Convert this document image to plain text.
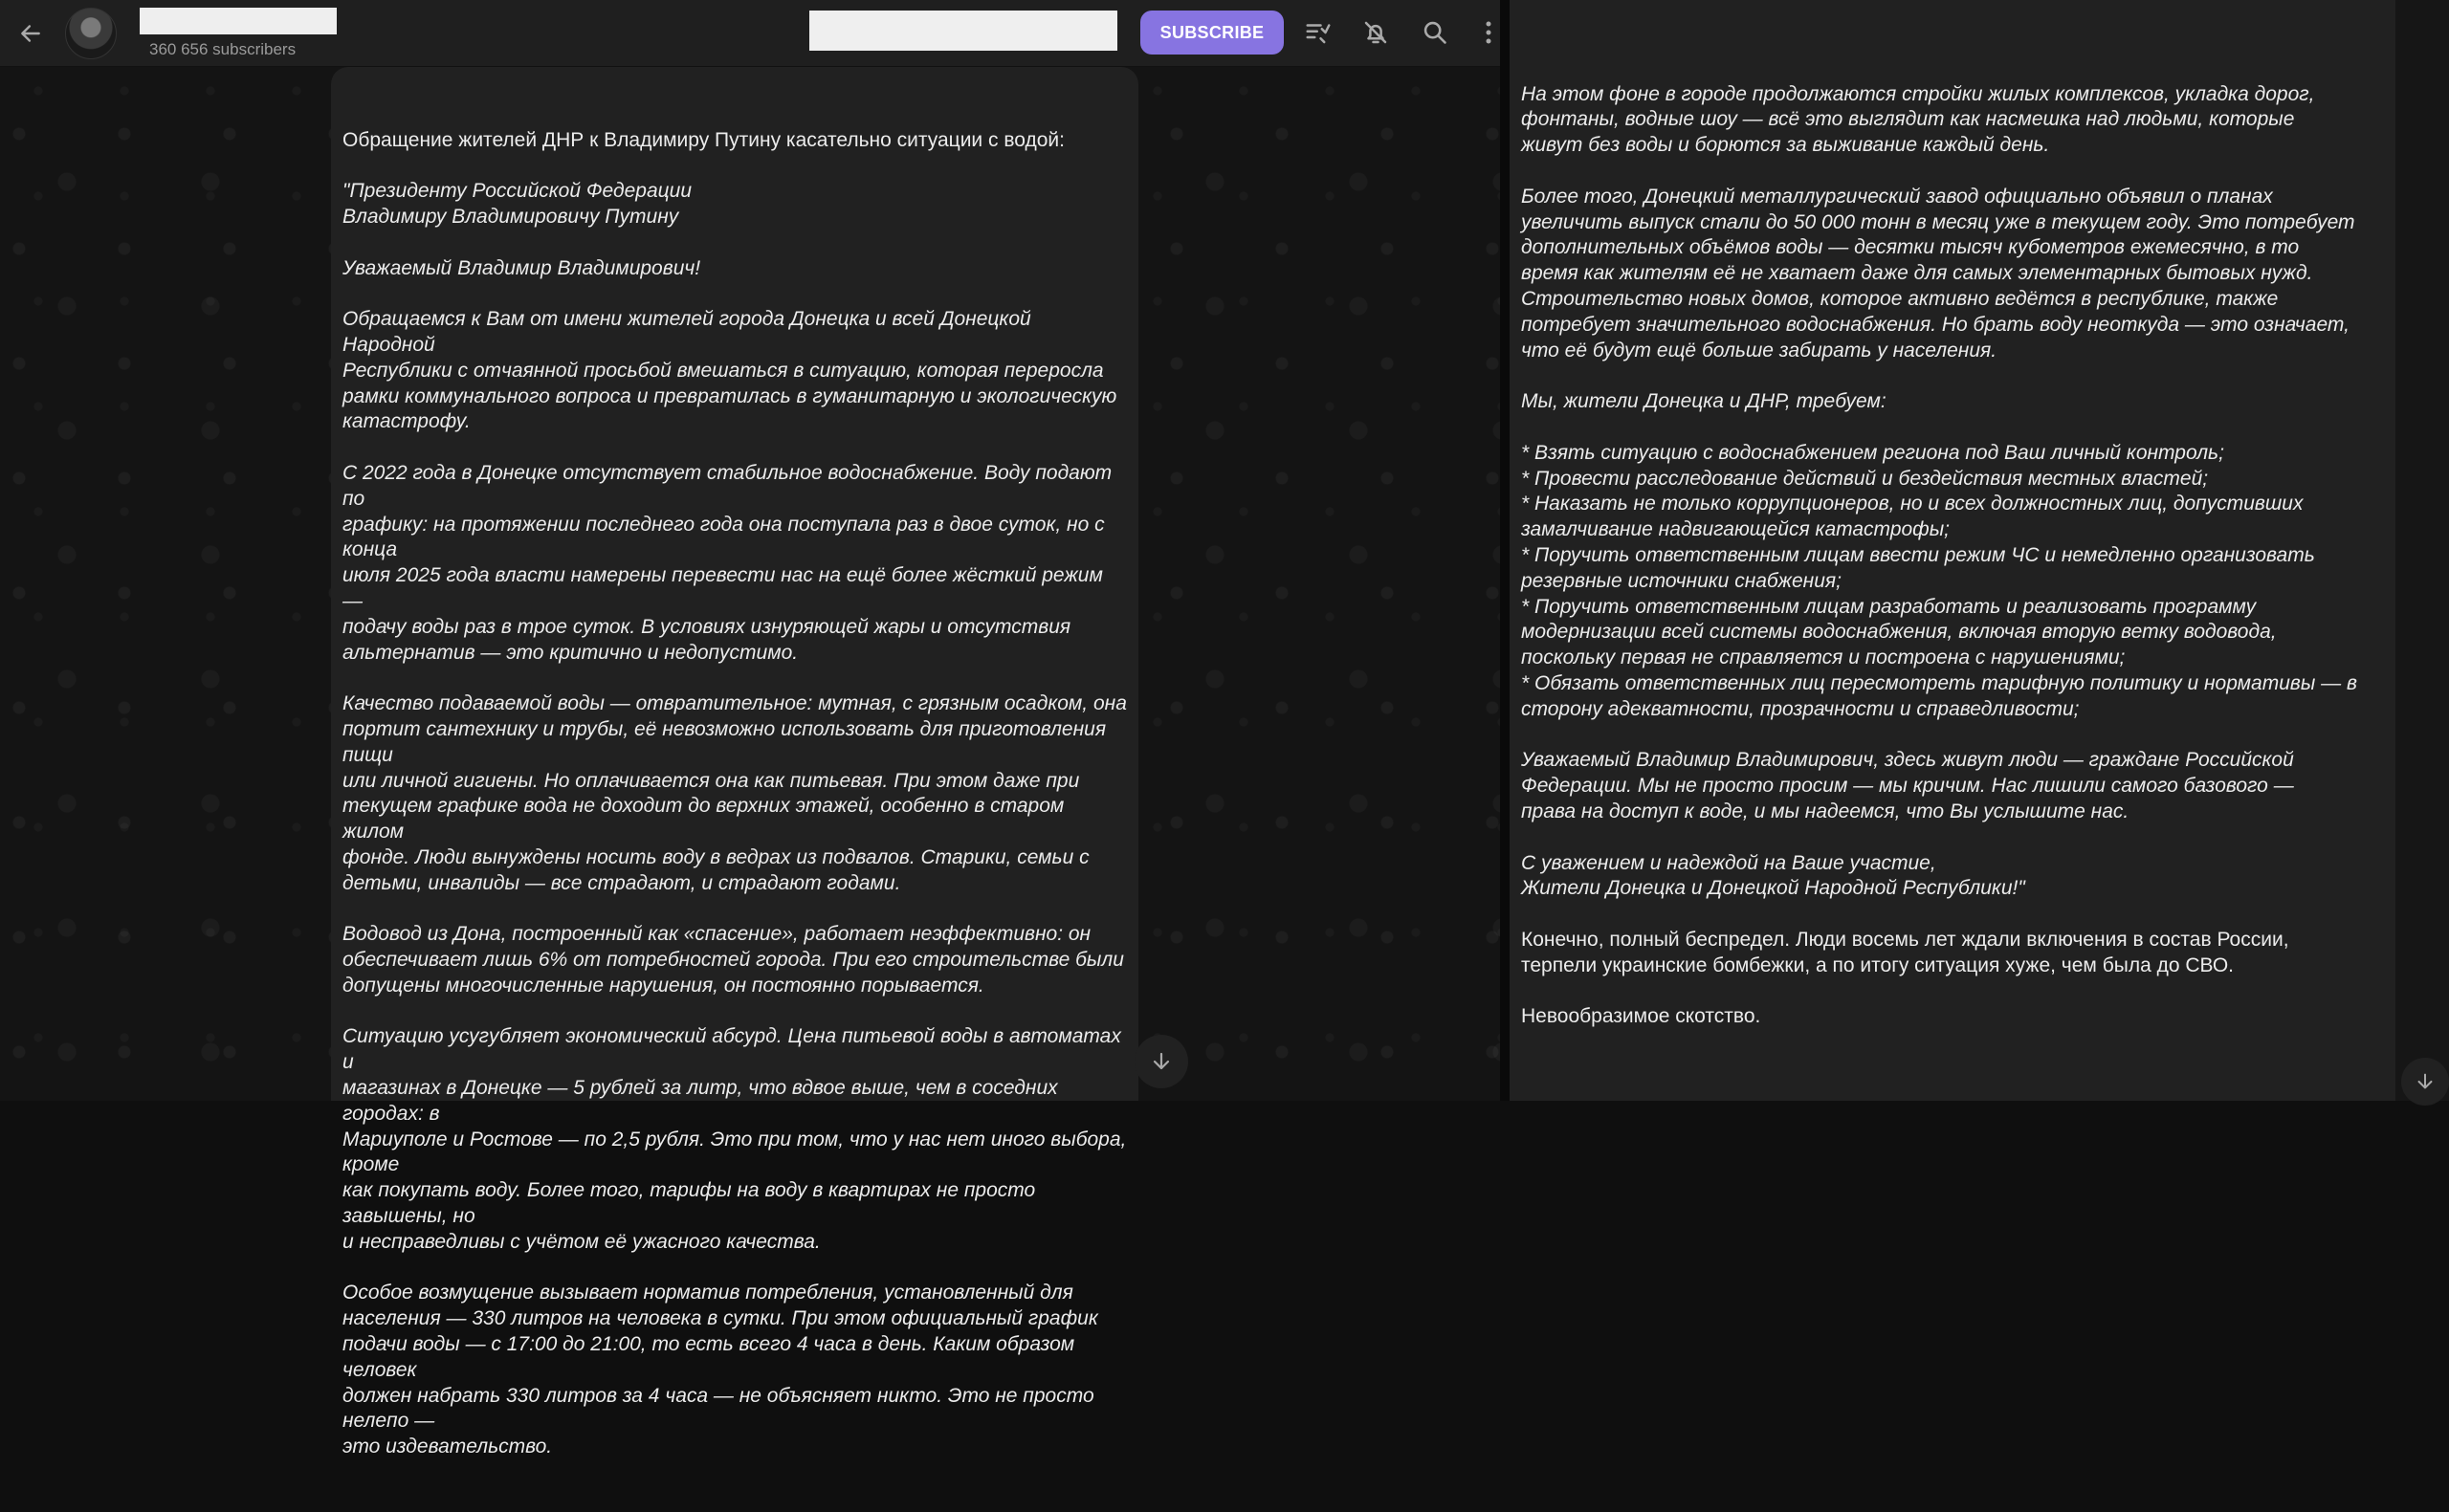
360 656 subscribers
SUBSCRIBE

Обращение жителей ДНР к Владимиру Путину касательно ситуации с водой:

"Президенту Российской Федерации
Владимиру Владимировичу Путину

Уважаемый Владимир Владимирович!

Обращаемся к Вам от имени жителей города Донецка и всей Донецкой Народной
Республики с отчаянной просьбой вмешаться в ситуацию, которая переросла
рамки коммунального вопроса и превратилась в гуманитарную и экологическую
катастрофу.

С 2022 года в Донецке отсутствует стабильное водоснабжение. Воду подают по
графику: на протяжении последнего года она поступала раз в двое суток, но с конца
июля 2025 года власти намерены перевести нас на ещё более жёсткий режим —
подачу воды раз в трое суток. В условиях изнуряющей жары и отсутствия
альтернатив — это критично и недопустимо.

Качество подаваемой воды — отвратительное: мутная, с грязным осадком, она
портит сантехнику и трубы, её невозможно использовать для приготовления пищи
или личной гигиены. Но оплачивается она как питьевая. При этом даже при
текущем графике вода не доходит до верхних этажей, особенно в старом жилом
фонде. Люди вынуждены носить воду в ведрах из подвалов. Старики, семьи с
детьми, инвалиды — все страдают, и страдают годами.

Водовод из Дона, построенный как «спасение», работает неэффективно: он
обеспечивает лишь 6% от потребностей города. При его строительстве были
допущены многочисленные нарушения, он постоянно порывается.

Ситуацию усугубляет экономический абсурд. Цена питьевой воды в автоматах и
магазинах в Донецке — 5 рублей за литр, что вдвое выше, чем в соседних городах: в
Мариуполе и Ростове — по 2,5 рубля. Это при том, что у нас нет иного выбора, кроме
как покупать воду. Более того, тарифы на воду в квартирах не просто завышены, но
и несправедливы с учётом её ужасного качества.

Особое возмущение вызывает норматив потребления, установленный для
населения — 330 литров на человека в сутки. При этом официальный график
подачи воды — с 17:00 до 21:00, то есть всего 4 часа в день. Каким образом человек
должен набрать 330 литров за 4 часа — не объясняет никто. Это не просто нелепо —
это издевательство.

На этом фоне в городе продолжаются стройки жилых комплексов, укладка дорог,
фонтаны, водные шоу — всё это выглядит как насмешка над людьми, которые
живут без воды и борются за выживание каждый день.

Более того, Донецкий металлургический завод официально объявил о планах
увеличить выпуск стали до 50 000 тонн в месяц уже в текущем году. Это потребует
дополнительных объёмов воды — десятки тысяч кубометров ежемесячно, в то
время как жителям её не хватает даже для самых элементарных бытовых нужд.
Строительство новых домов, которое активно ведётся в республике, также
потребует значительного водоснабжения. Но брать воду неоткуда — это означает,
что её будут ещё больше забирать у населения.

Мы, жители Донецка и ДНР, требуем:

* Взять ситуацию с водоснабжением региона под Ваш личный контроль;
* Провести расследование действий и бездействия местных властей;
* Наказать не только коррупционеров, но и всех должностных лиц, допустивших
замалчивание надвигающейся катастрофы;
* Поручить ответственным лицам ввести режим ЧС и немедленно организовать
резервные источники снабжения;
* Поручить ответственным лицам разработать и реализовать программу
модернизации всей системы водоснабжения, включая вторую ветку водовода,
поскольку первая не справляется и построена с нарушениями;
* Обязать ответственных лиц пересмотреть тарифную политику и нормативы — в
сторону адекватности, прозрачности и справедливости;

Уважаемый Владимир Владимирович, здесь живут люди — граждане Российской
Федерации. Мы не просто просим — мы кричим. Нас лишили самого базового —
права на доступ к воде, и мы надеемся, что Вы услышите нас.

С уважением и надеждой на Ваше участие,
Жители Донецка и Донецкой Народной Республики!"

Конечно, полный беспредел. Люди восемь лет ждали включения в состав России,
терпели украинские бомбежки, а по итогу ситуация хуже, чем была до СВО.

Невообразимое скотство.
